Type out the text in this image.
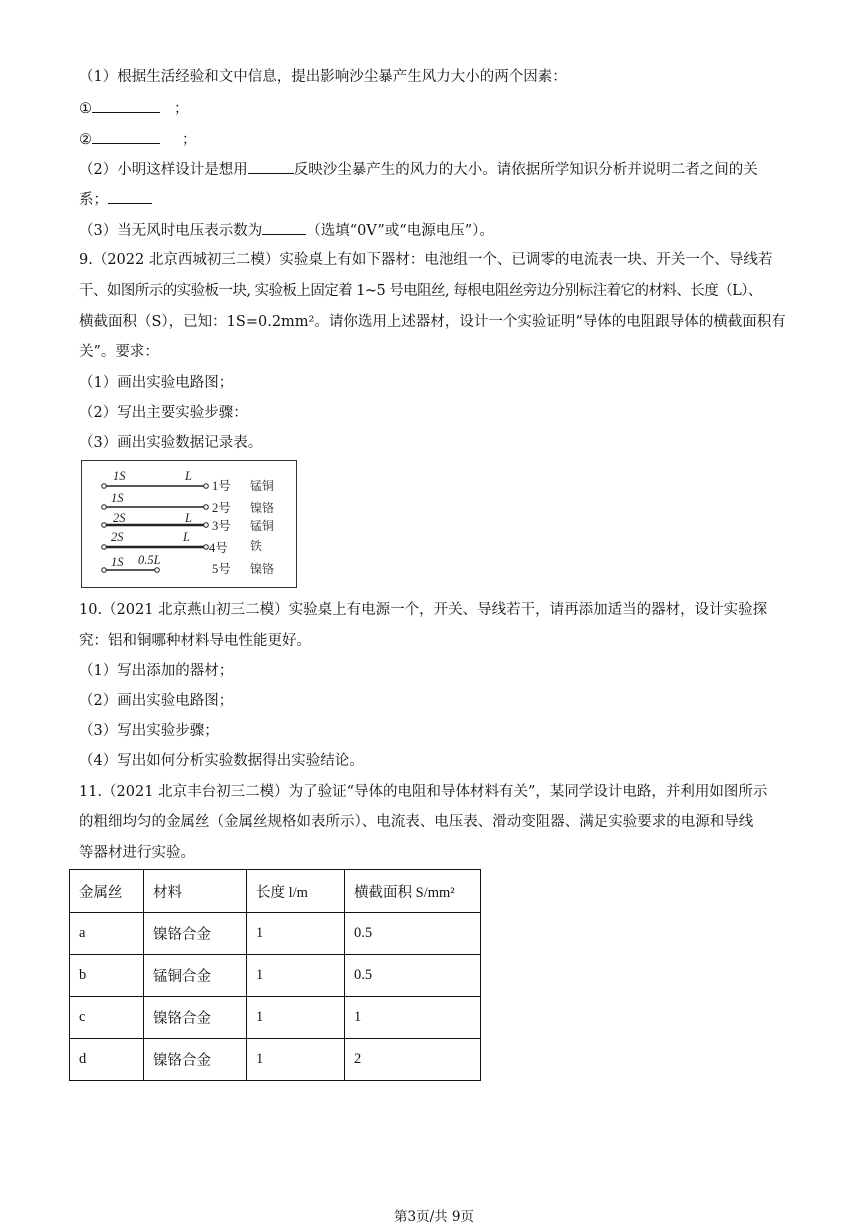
（1）根据生活经验和文中信息，提出影响沙尘暴产生风力大小的两个因素：
①	；
②	；
（2）小明这样设计是想用	反映沙尘暴产生的风力的大小。请依据所学知识分析并说明二者之间的关
系；
（3）当无风时电压表示数为	（选填“0V”或“电源电压”）。
9.（2022 北京西城初三二模）实验桌上有如下器材：电池组一个、已调零的电流表一块、开关一个、导线若
干、如图所示的实验板一块, 实验板上固定着 1~5 号电阻丝, 每根电阻丝旁边分别标注着它的材料、长度（L）、
横截面积（S），已知：1S=0.2mm²。请你选用上述器材，设计一个实验证明“导体的电阻跟导体的横截面积有
关”。要求：
（1）画出实验电路图；
（2）写出主要实验步骤：
（3）画出实验数据记录表。
1S	L
1号 锰铜
1S
2号 镍铬
2S	L
3号 锰铜
2S	L
4号 铁
1S 0.5L
5号 镍铬
10.（2021 北京燕山初三二模）实验桌上有电源一个，开关、导线若干，请再添加适当的器材，设计实验探
究：铝和铜哪种材料导电性能更好。
（1）写出添加的器材；
（2）画出实验电路图；
（3）写出实验步骤；
（4）写出如何分析实验数据得出实验结论。
11.（2021 北京丰台初三二模）为了验证“导体的电阻和导体材料有关”，某同学设计电路，并利用如图所示
的粗细均匀的金属丝（金属丝规格如表所示）、电流表、电压表、滑动变阻器、满足实验要求的电源和导线
等器材进行实验。
金属丝	材料	长度 l/m	横截面积 S/mm²
a	镍铬合金	1	0.5
b	锰铜合金	1	0.5
c	镍铬合金	1	1
d	镍铬合金	1	2
第3页/共 9页
